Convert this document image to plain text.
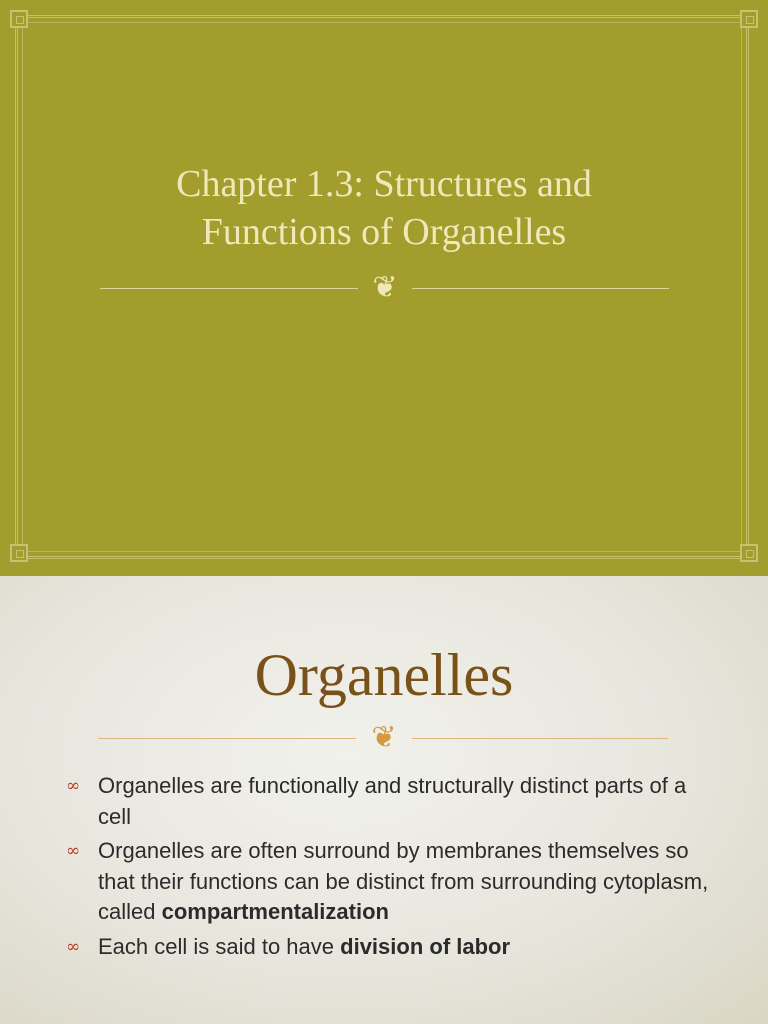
Chapter 1.3: Structures and
Functions of Organelles
❦
Organelles
❦
∞ Organelles are functionally and structurally distinct parts of a cell
∞ Organelles are often surround by membranes themselves so that their functions can be distinct from surrounding cytoplasm, called compartmentalization
∞ Each cell is said to have division of labor
